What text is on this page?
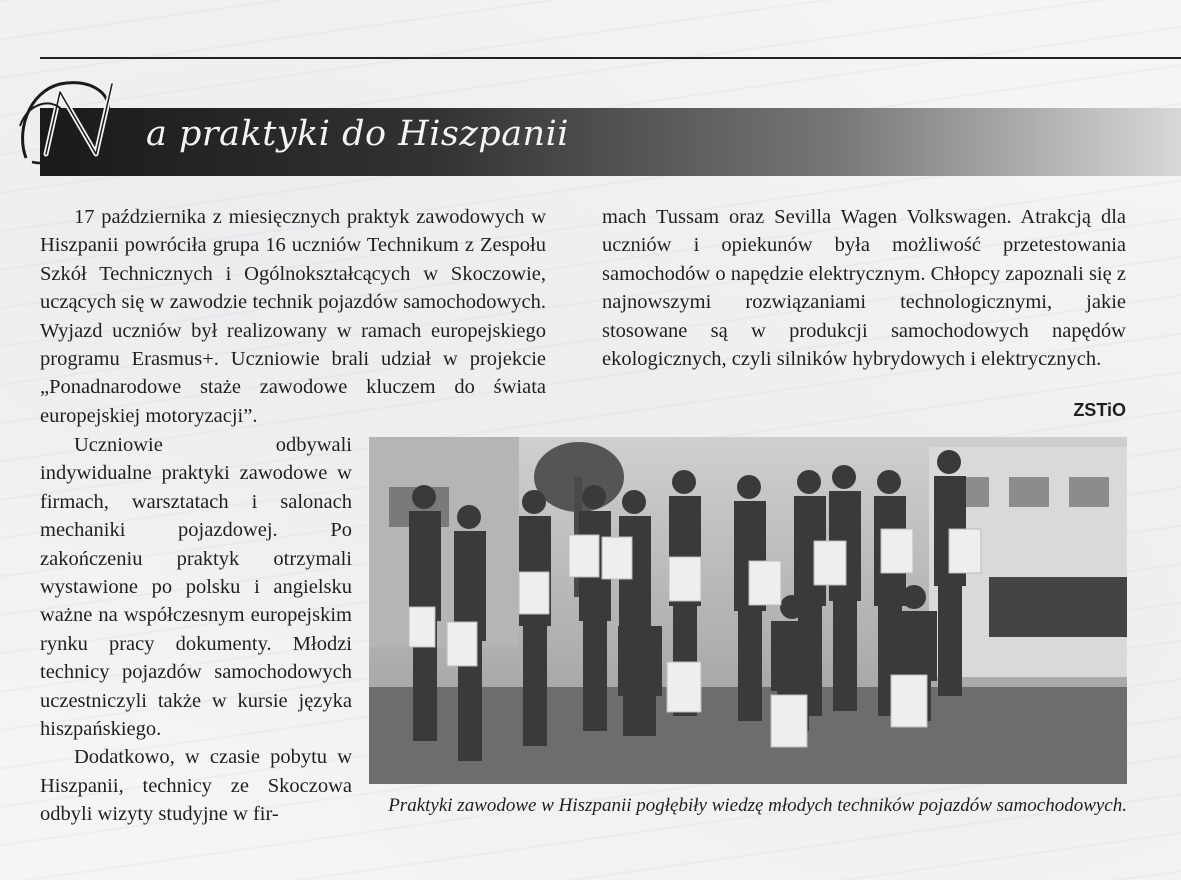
a praktyki do Hiszpanii

17 października z miesięcznych praktyk zawodowych w Hiszpanii powróciła grupa 16 uczniów Technikum z Zespołu Szkół Technicznych i Ogólnokształcących w Skoczowie, uczących się w zawodzie technik pojazdów samochodowych. Wyjazd uczniów był realizowany w ramach europejskiego programu Erasmus+. Uczniowie brali udział w projekcie „Ponadnarodowe staże zawodowe kluczem do świata europejskiej motoryzacji”.

Uczniowie odbywali indywidualne praktyki zawodowe w firmach, warsztatach i salonach mechaniki pojazdowej. Po zakończeniu praktyk otrzymali wystawione po polsku i angielsku ważne na współczesnym europejskim rynku pracy dokumenty. Młodzi technicy pojazdów samochodowych uczestniczyli także w kursie języka hiszpańskiego.

Dodatkowo, w czasie pobytu w Hiszpanii, technicy ze Skoczowa odbyli wizyty studyjne w fir-

mach Tussam oraz Sevilla Wagen Volkswagen. Atrakcją dla uczniów i opiekunów była możliwość przetestowania samochodów o napędzie elektrycznym. Chłopcy zapoznali się z najnowszymi rozwiązaniami technologicznymi, jakie stosowane są w produkcji samochodowych napędów ekologicznych, czyli silników hybrydowych i elektrycznych.

ZSTiO
Praktyki zawodowe w Hiszpanii pogłębiły wiedzę młodych techników pojazdów samochodowych.
